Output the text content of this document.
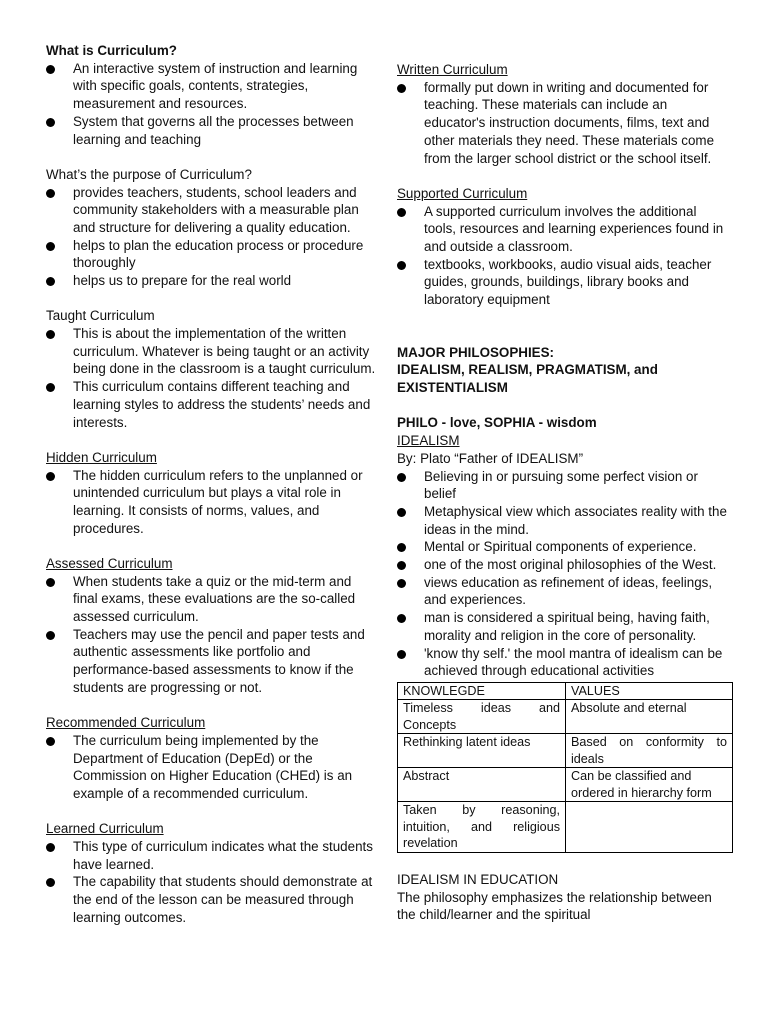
What is Curriculum?
An interactive system of instruction and learning with specific goals, contents, strategies, measurement and resources.
System that governs all the processes between learning and teaching
What’s the purpose of Curriculum?
provides teachers, students, school leaders and community stakeholders with a measurable plan and structure for delivering a quality education.
helps to plan the education process or procedure thoroughly
helps us to prepare for the real world
Taught Curriculum
This is about the implementation of the written curriculum. Whatever is being taught or an activity being done in the classroom is a taught curriculum.
This curriculum contains different teaching and learning styles to address the students’ needs and interests.
Hidden Curriculum
The hidden curriculum refers to the unplanned or unintended curriculum but plays a vital role in learning. It consists of norms, values, and procedures.
Assessed Curriculum
When students take a quiz or the mid-term and final exams, these evaluations are the so-called assessed curriculum.
Teachers may use the pencil and paper tests and authentic assessments like portfolio and performance-based assessments to know if the students are progressing or not.
Recommended Curriculum
The curriculum being implemented by the Department of Education (DepEd) or the Commission on Higher Education (CHEd) is an example of a recommended curriculum.
Learned Curriculum
This type of curriculum indicates what the students have learned.
The capability that students should demonstrate at the end of the lesson can be measured through learning outcomes.
Written Curriculum
formally put down in writing and documented for teaching. These materials can include an educator's instruction documents, films, text and other materials they need. These materials come from the larger school district or the school itself.
Supported Curriculum
A supported curriculum involves the additional tools, resources and learning experiences found in and outside a classroom.
textbooks, workbooks, audio visual aids, teacher guides, grounds, buildings, library books and laboratory equipment
MAJOR PHILOSOPHIES:
IDEALISM, REALISM, PRAGMATISM, and EXISTENTIALISM
PHILO - love, SOPHIA - wisdom
IDEALISM
By: Plato “Father of IDEALISM”
Believing in or pursuing some perfect vision or belief
Metaphysical view which associates reality with the ideas in the mind.
Mental or Spiritual components of experience.
one of the most original philosophies of the West.
views education as refinement of ideas, feelings, and experiences.
man is considered a spiritual being, having faith, morality and religion in the core of personality.
'know thy self.' the mool mantra of idealism can be achieved through educational activities
KNOWLEGDE	VALUES
Timeless ideas and Concepts	Absolute and eternal
Rethinking latent ideas	Based on conformity to ideals
Abstract	Can be classified and ordered in hierarchy form
Taken by reasoning, intuition, and religious revelation	
IDEALISM IN EDUCATION
The philosophy emphasizes the relationship between the child/learner and the spiritual
